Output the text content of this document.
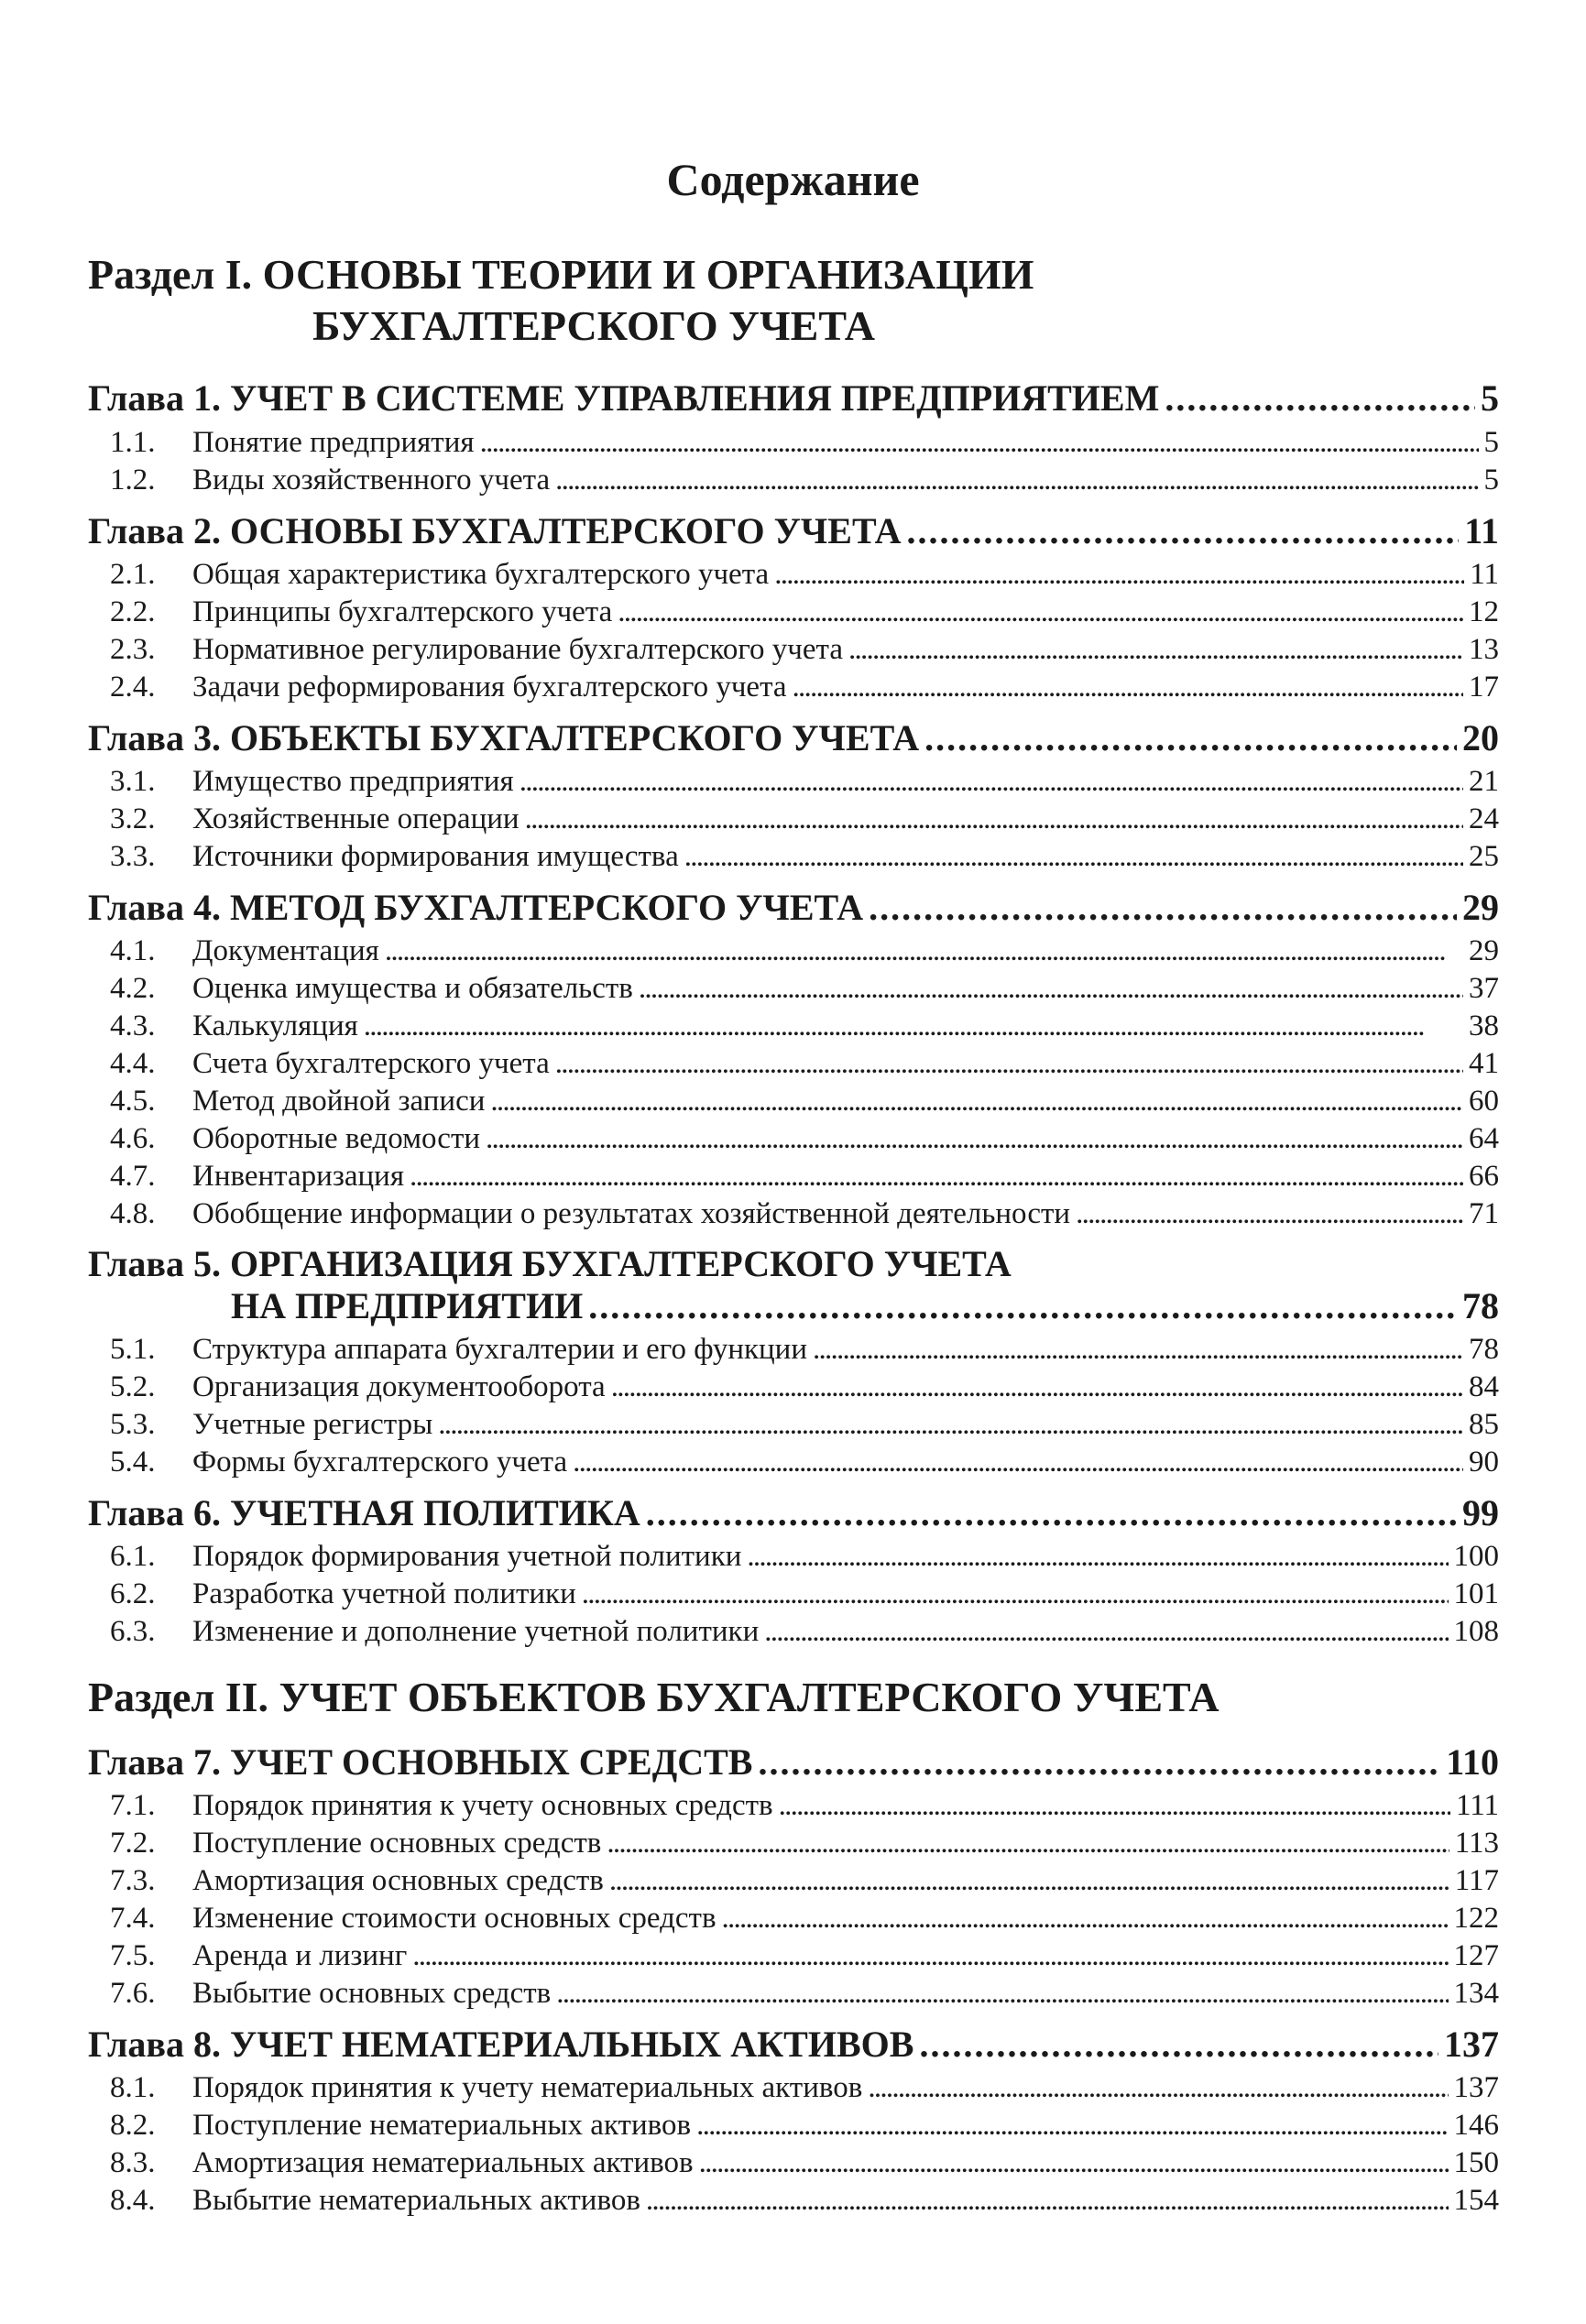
Содержание
Раздел I. ОСНОВЫ ТЕОРИИ И ОРГАНИЗАЦИИ
БУХГАЛТЕРСКОГО УЧЕТА
Глава 1. УЧЕТ В СИСТЕМЕ УПРАВЛЕНИЯ ПРЕДПРИЯТИЕМ . . .	5
1.1.	Понятие предприятия . . .	5
1.2.	Виды хозяйственного учета . . .	5
Глава 2. ОСНОВЫ БУХГАЛТЕРСКОГО УЧЕТА . . .	11
2.1.	Общая характеристика бухгалтерского учета . . .	11
2.2.	Принципы бухгалтерского учета . . .	12
2.3.	Нормативное регулирование бухгалтерского учета . . .	13
2.4.	Задачи реформирования бухгалтерского учета . . .	17
Глава 3. ОБЪЕКТЫ БУХГАЛТЕРСКОГО УЧЕТА . . .	20
3.1.	Имущество предприятия . . .	21
3.2.	Хозяйственные операции . . .	24
3.3.	Источники формирования имущества . . .	25
Глава 4. МЕТОД БУХГАЛТЕРСКОГО УЧЕТА . . .	29
4.1.	Документация . . .	29
4.2.	Оценка имущества и обязательств . . .	37
4.3.	Калькуляция . . .	38
4.4.	Счета бухгалтерского учета . . .	41
4.5.	Метод двойной записи . . .	60
4.6.	Оборотные ведомости . . .	64
4.7.	Инвентаризация . . .	66
4.8.	Обобщение информации о результатах хозяйственной деятельности . . .	71
Глава 5. ОРГАНИЗАЦИЯ БУХГАЛТЕРСКОГО УЧЕТА
НА ПРЕДПРИЯТИИ . . .	78
5.1.	Структура аппарата бухгалтерии и его функции . . .	78
5.2.	Организация документооборота . . .	84
5.3.	Учетные регистры . . .	85
5.4.	Формы бухгалтерского учета . . .	90
Глава 6. УЧЕТНАЯ ПОЛИТИКА . . .	99
6.1.	Порядок формирования учетной политики . . .	100
6.2.	Разработка учетной политики . . .	101
6.3.	Изменение и дополнение учетной политики . . .	108
Раздел II. УЧЕТ ОБЪЕКТОВ БУХГАЛТЕРСКОГО УЧЕТА
Глава 7. УЧЕТ ОСНОВНЫХ СРЕДСТВ . . .	110
7.1.	Порядок принятия к учету основных средств . . .	111
7.2.	Поступление основных средств . . .	113
7.3.	Амортизация основных средств . . .	117
7.4.	Изменение стоимости основных средств . . .	122
7.5.	Аренда и лизинг . . .	127
7.6.	Выбытие основных средств . . .	134
Глава 8. УЧЕТ НЕМАТЕРИАЛЬНЫХ АКТИВОВ . . .	137
8.1.	Порядок принятия к учету нематериальных активов . . .	137
8.2.	Поступление нематериальных активов . . .	146
8.3.	Амортизация нематериальных активов . . .	150
8.4.	Выбытие нематериальных активов . . .	154
